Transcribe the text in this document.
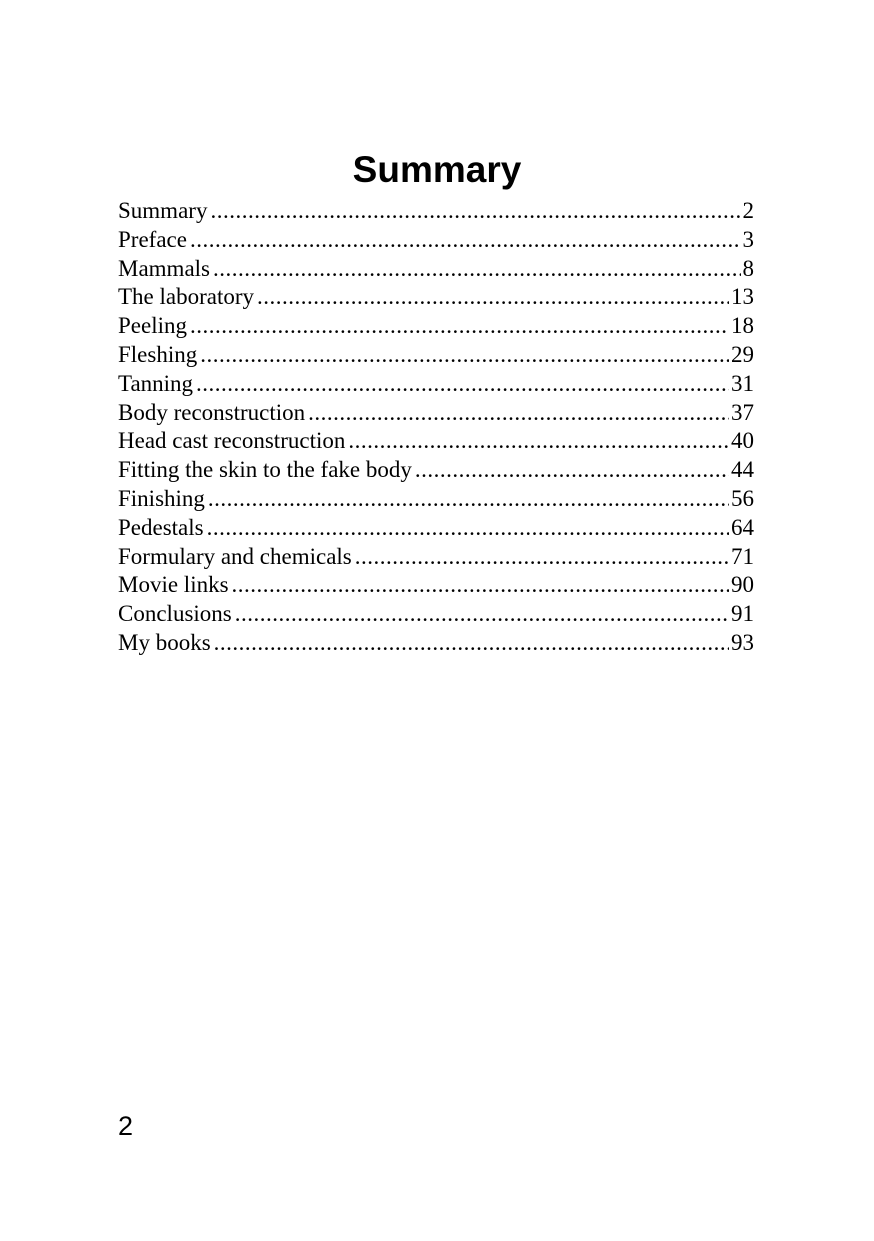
Summary
Summary .....	2
Preface .....	3
Mammals .....	8
The laboratory .....	13
Peeling .....	18
Fleshing .....	29
Tanning .....	31
Body reconstruction .....	37
Head cast reconstruction .....	40
Fitting the skin to the fake body .....	44
Finishing .....	56
Pedestals .....	64
Formulary and chemicals .....	71
Movie links .....	90
Conclusions .....	91
My books .....	93
2
